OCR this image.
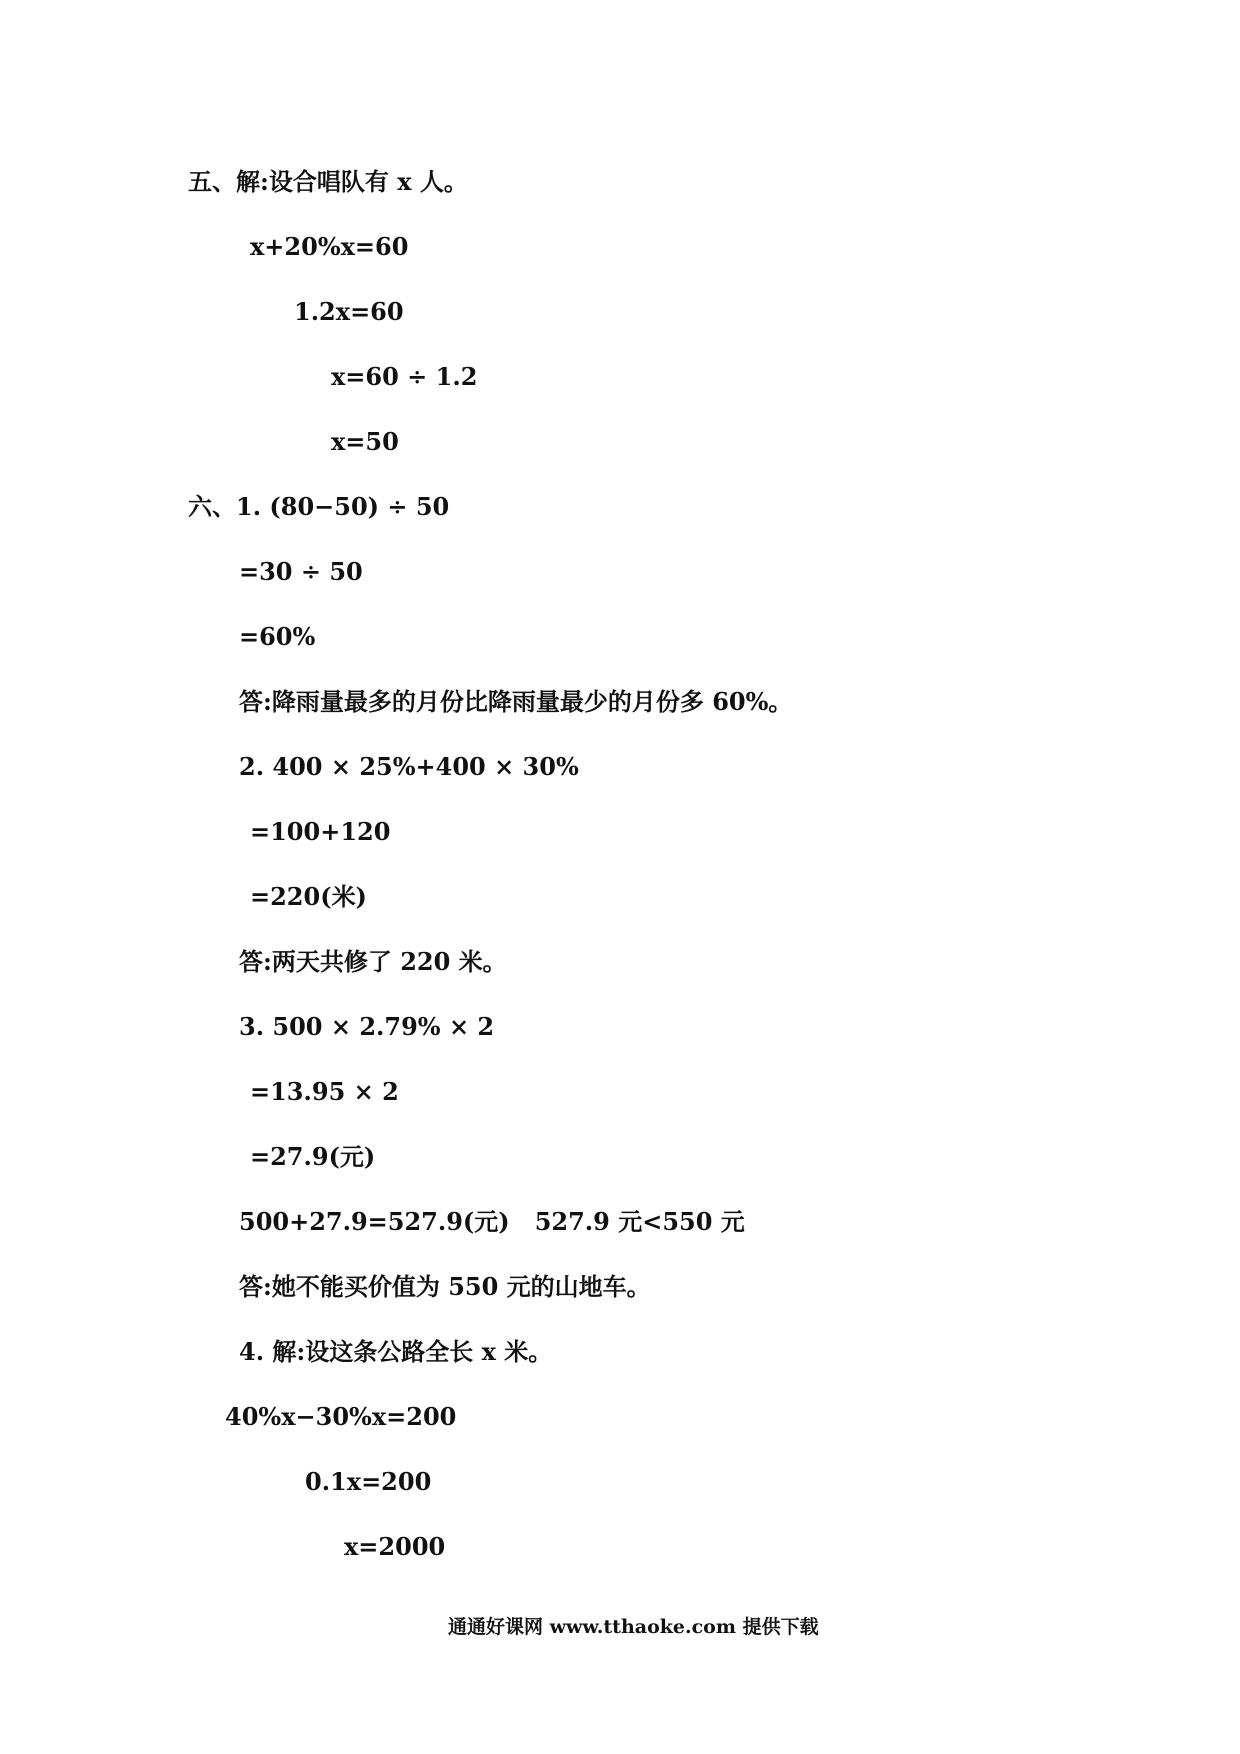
五、解:设合唱队有 x 人。

x+20%x=60

1.2x=60

x=60 ÷ 1.2

x=50

六、1. (80−50) ÷ 50

=30 ÷ 50

=60%

答:降雨量最多的月份比降雨量最少的月份多 60%。

2. 400 × 25%+400 × 30%

=100+120

=220(米)

答:两天共修了 220 米。

3. 500 × 2.79% × 2

=13.95 × 2

=27.9(元)

500+27.9=527.9(元)   527.9 元<550 元

答:她不能买价值为 550 元的山地车。

4. 解:设这条公路全长 x 米。

40%x−30%x=200

0.1x=200

x=2000

通通好课网 www.tthaoke.com 提供下载
